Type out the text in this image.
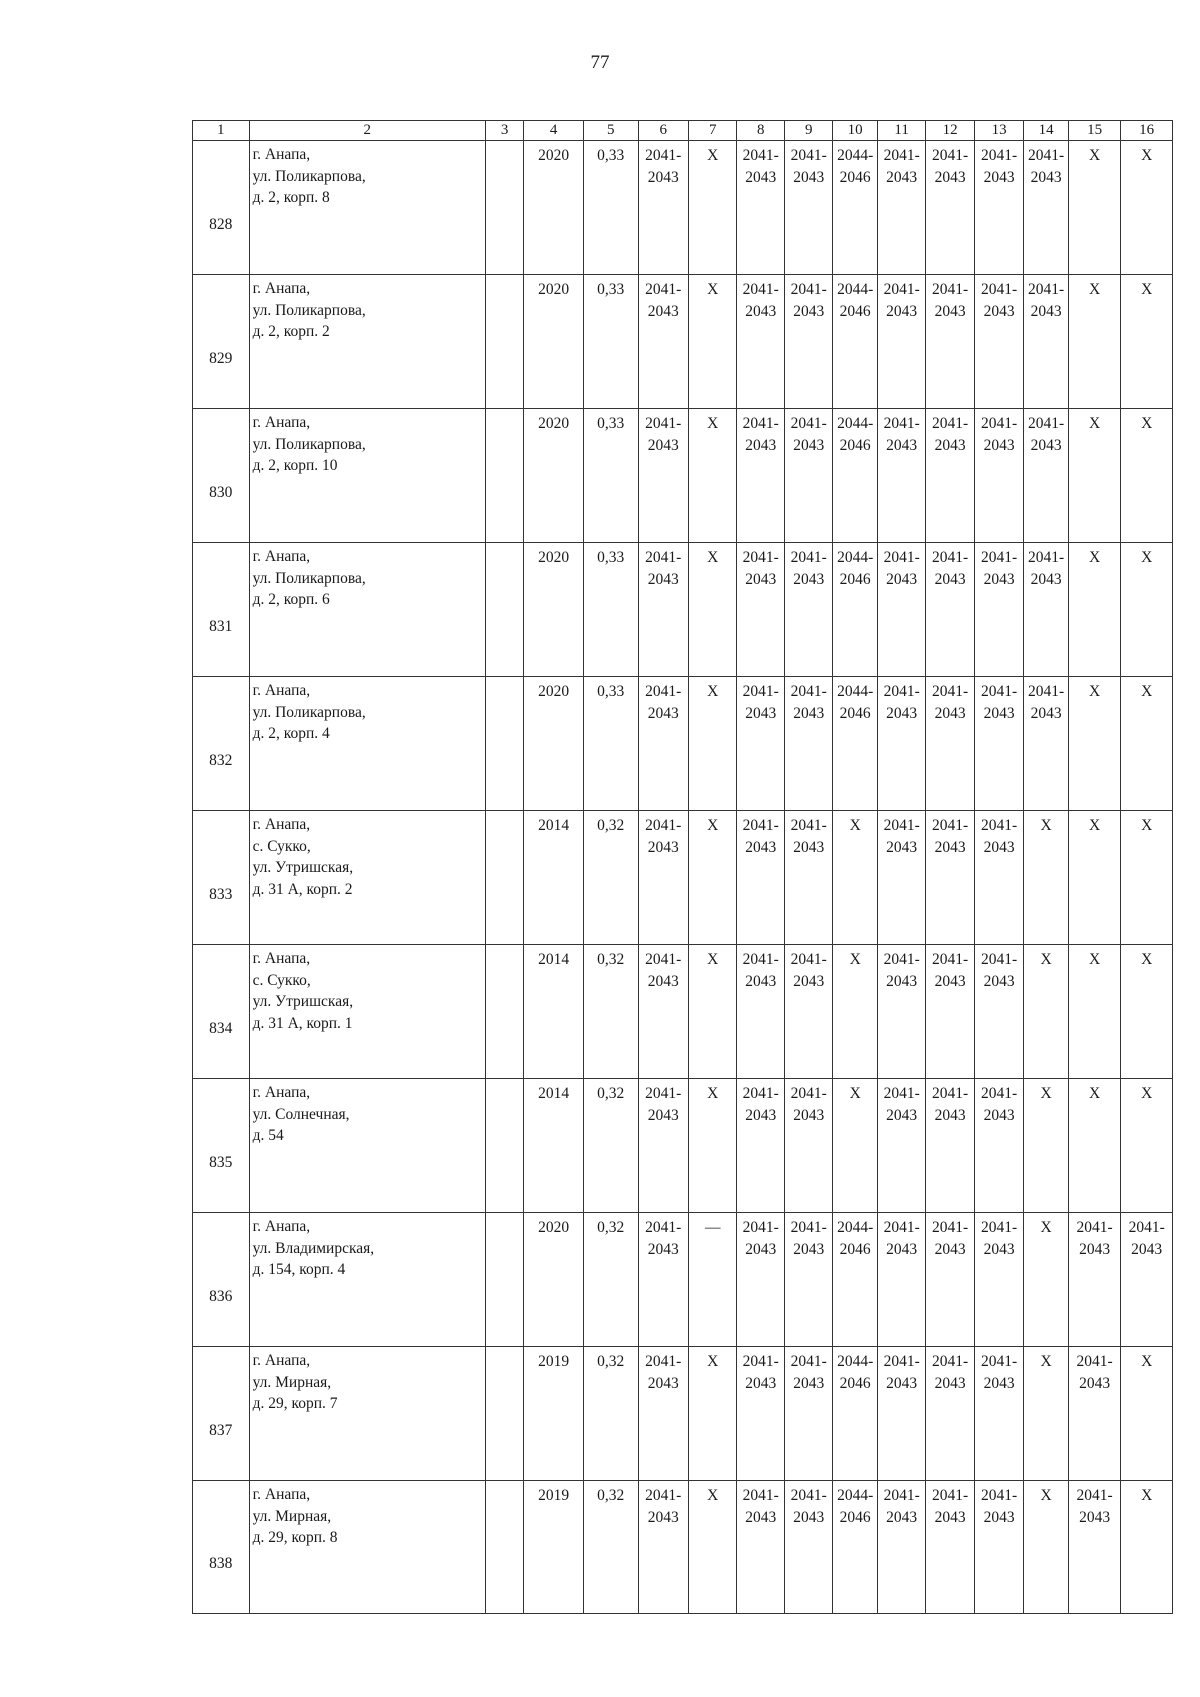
77
1	2	3	4	5	6	7	8	9	10	11	12	13	14	15	16
828	г. Анапа,
ул. Поликарпова,
д. 2, корп. 8		2020	0,33	2041-
2043	X	2041-
2043	2041-
2043	2044-
2046	2041-
2043	2041-
2043	2041-
2043	2041-
2043	X	X

829	г. Анапа,
ул. Поликарпова,
д. 2, корп. 2		2020	0,33	2041-
2043	X	2041-
2043	2041-
2043	2044-
2046	2041-
2043	2041-
2043	2041-
2043	2041-
2043	X	X

830	г. Анапа,
ул. Поликарпова,
д. 2, корп. 10		2020	0,33	2041-
2043	X	2041-
2043	2041-
2043	2044-
2046	2041-
2043	2041-
2043	2041-
2043	2041-
2043	X	X

831	г. Анапа,
ул. Поликарпова,
д. 2, корп. 6		2020	0,33	2041-
2043	X	2041-
2043	2041-
2043	2044-
2046	2041-
2043	2041-
2043	2041-
2043	2041-
2043	X	X

832	г. Анапа,
ул. Поликарпова,
д. 2, корп. 4		2020	0,33	2041-
2043	X	2041-
2043	2041-
2043	2044-
2046	2041-
2043	2041-
2043	2041-
2043	2041-
2043	X	X

833	г. Анапа,
с. Сукко,
ул. Утришская,
д. 31 А, корп. 2		2014	0,32	2041-
2043	X	2041-
2043	2041-
2043	X	2041-
2043	2041-
2043	2041-
2043	X	X	X

834	г. Анапа,
с. Сукко,
ул. Утришская,
д. 31 А, корп. 1		2014	0,32	2041-
2043	X	2041-
2043	2041-
2043	X	2041-
2043	2041-
2043	2041-
2043	X	X	X

835	г. Анапа,
ул. Солнечная,
д. 54		2014	0,32	2041-
2043	X	2041-
2043	2041-
2043	X	2041-
2043	2041-
2043	2041-
2043	X	X	X

836	г. Анапа,
ул. Владимирская,
д. 154, корп. 4		2020	0,32	2041-
2043	—	2041-
2043	2041-
2043	2044-
2046	2041-
2043	2041-
2043	2041-
2043	X	2041-
2043	2041-
2043

837	г. Анапа,
ул. Мирная,
д. 29, корп. 7		2019	0,32	2041-
2043	X	2041-
2043	2041-
2043	2044-
2046	2041-
2043	2041-
2043	2041-
2043	X	2041-
2043	X

838	г. Анапа,
ул. Мирная,
д. 29, корп. 8		2019	0,32	2041-
2043	X	2041-
2043	2041-
2043	2044-
2046	2041-
2043	2041-
2043	2041-
2043	X	2041-
2043	X
